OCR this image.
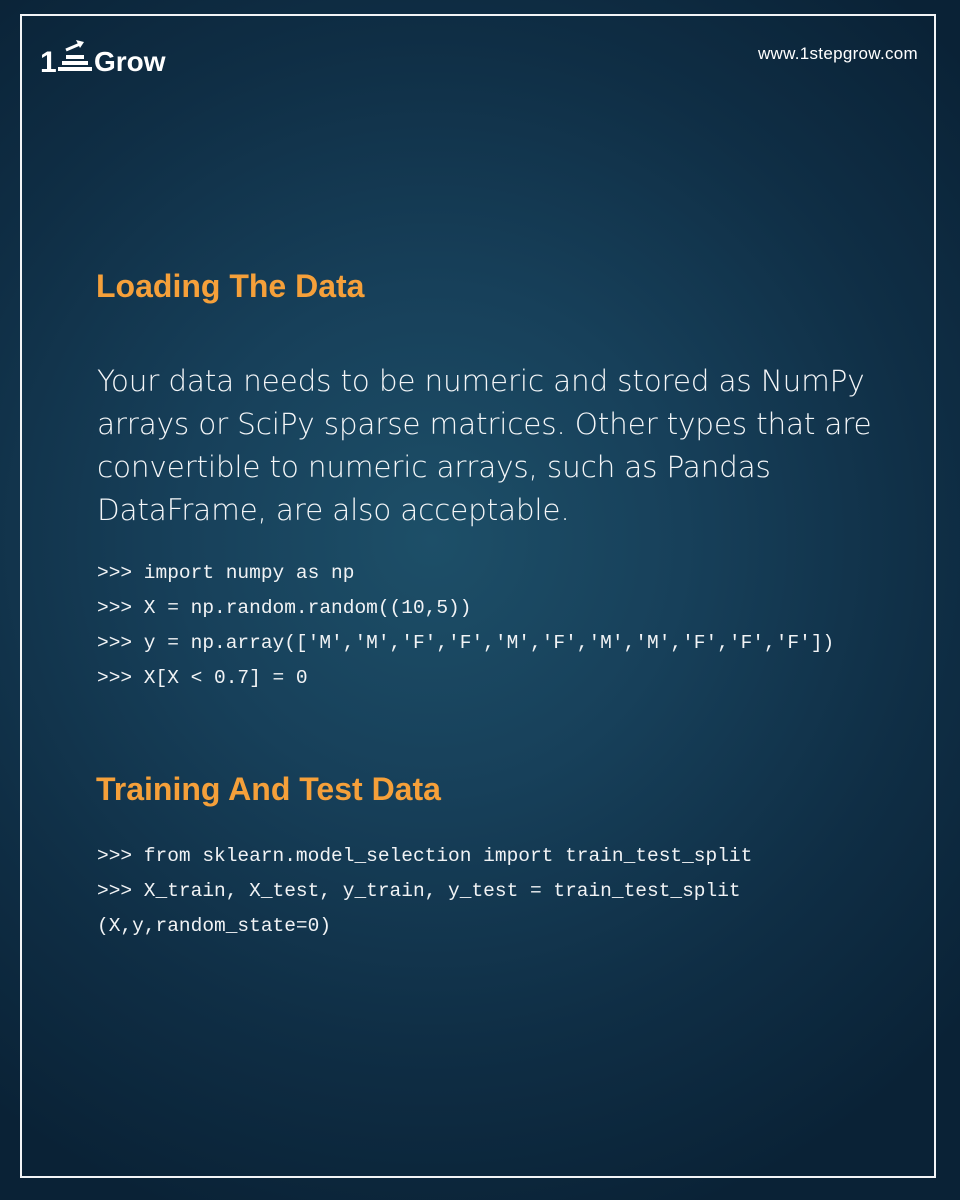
1 Grow	www.1stepgrow.com
Loading The Data

Your data needs to be numeric and stored as NumPy arrays or SciPy sparse matrices. Other types that are convertible to numeric arrays, such as Pandas DataFrame, are also acceptable.

>>> import numpy as np
>>> X = np.random.random((10,5))
>>> y = np.array(['M','M','F','F','M','F','M','M','F','F','F'])
>>> X[X < 0.7] = 0
Training And Test Data
>>> from sklearn.model_selection import train_test_split
>>> X_train, X_test, y_train, y_test = train_test_split
(X,y,random_state=0)
